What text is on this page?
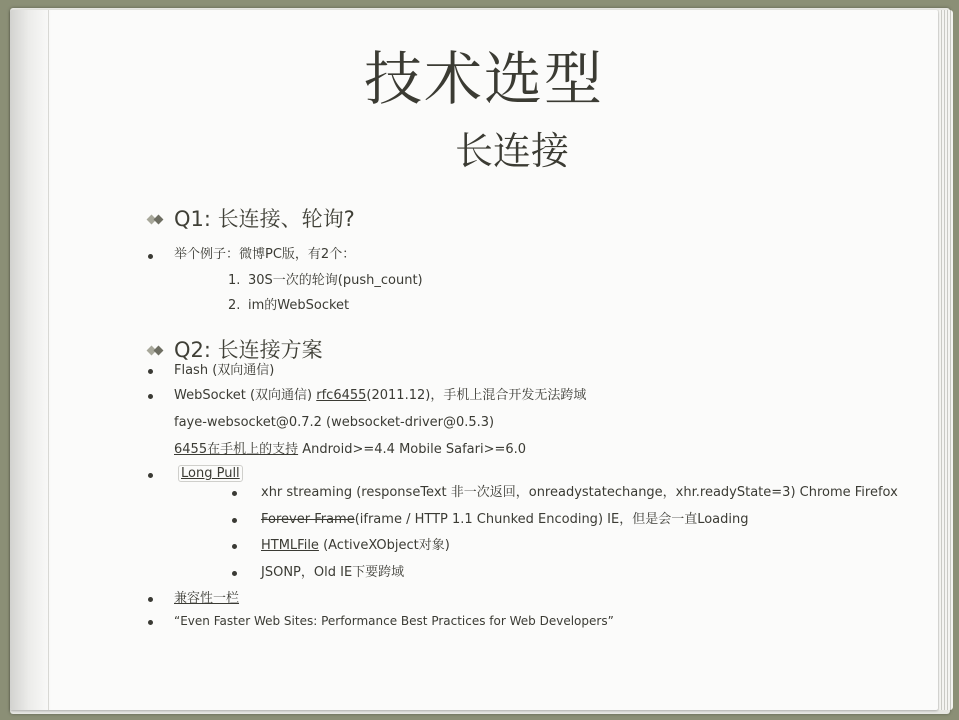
技术选型
长连接
Q1: 长连接、轮询?
举个例子：微博PC版，有2个：
1. 30S一次的轮询(push_count)
2. im的WebSocket
Q2: 长连接方案
Flash (双向通信)
WebSocket (双向通信) rfc6455(2011.12)，手机上混合开发无法跨域
faye-websocket@0.7.2 (websocket-driver@0.5.3)
6455在手机上的支持 Android>=4.4 Mobile Safari>=6.0
Long Pull
xhr streaming (responseText 非一次返回，onreadystatechange，xhr.readyState=3) Chrome Firefox
Forever Frame(iframe / HTTP 1.1 Chunked Encoding) IE，但是会一直Loading
HTMLFile (ActiveXObject对象)
JSONP，Old IE下要跨域
兼容性一栏
“Even Faster Web Sites: Performance Best Practices for Web Developers”
